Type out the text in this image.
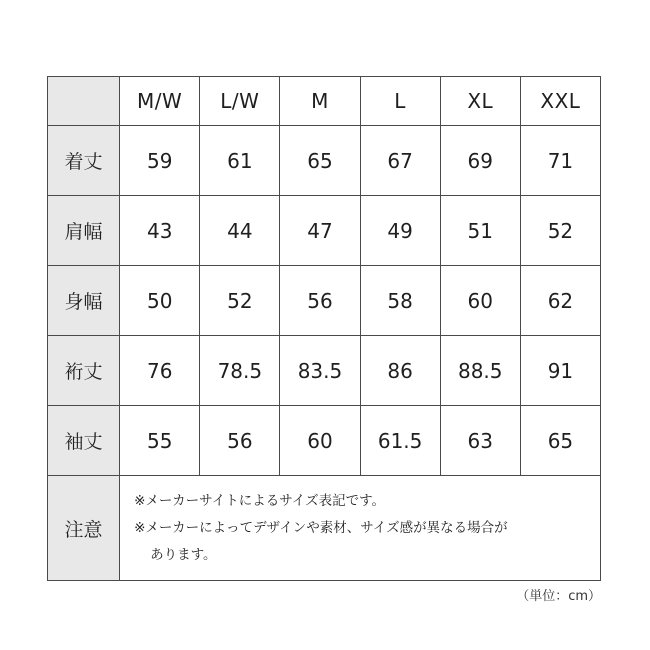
	M/W	L/W	M	L	XL	XXL
着丈	59	61	65	67	69	71
肩幅	43	44	47	49	51	52
身幅	50	52	56	58	60	62
裄丈	76	78.5	83.5	86	88.5	91
袖丈	55	56	60	61.5	63	65
注意	※メーカーサイトによるサイズ表記です。
※メーカーによってデザインや素材、サイズ感が異なる場合が
あります。					
（単位：cm）
